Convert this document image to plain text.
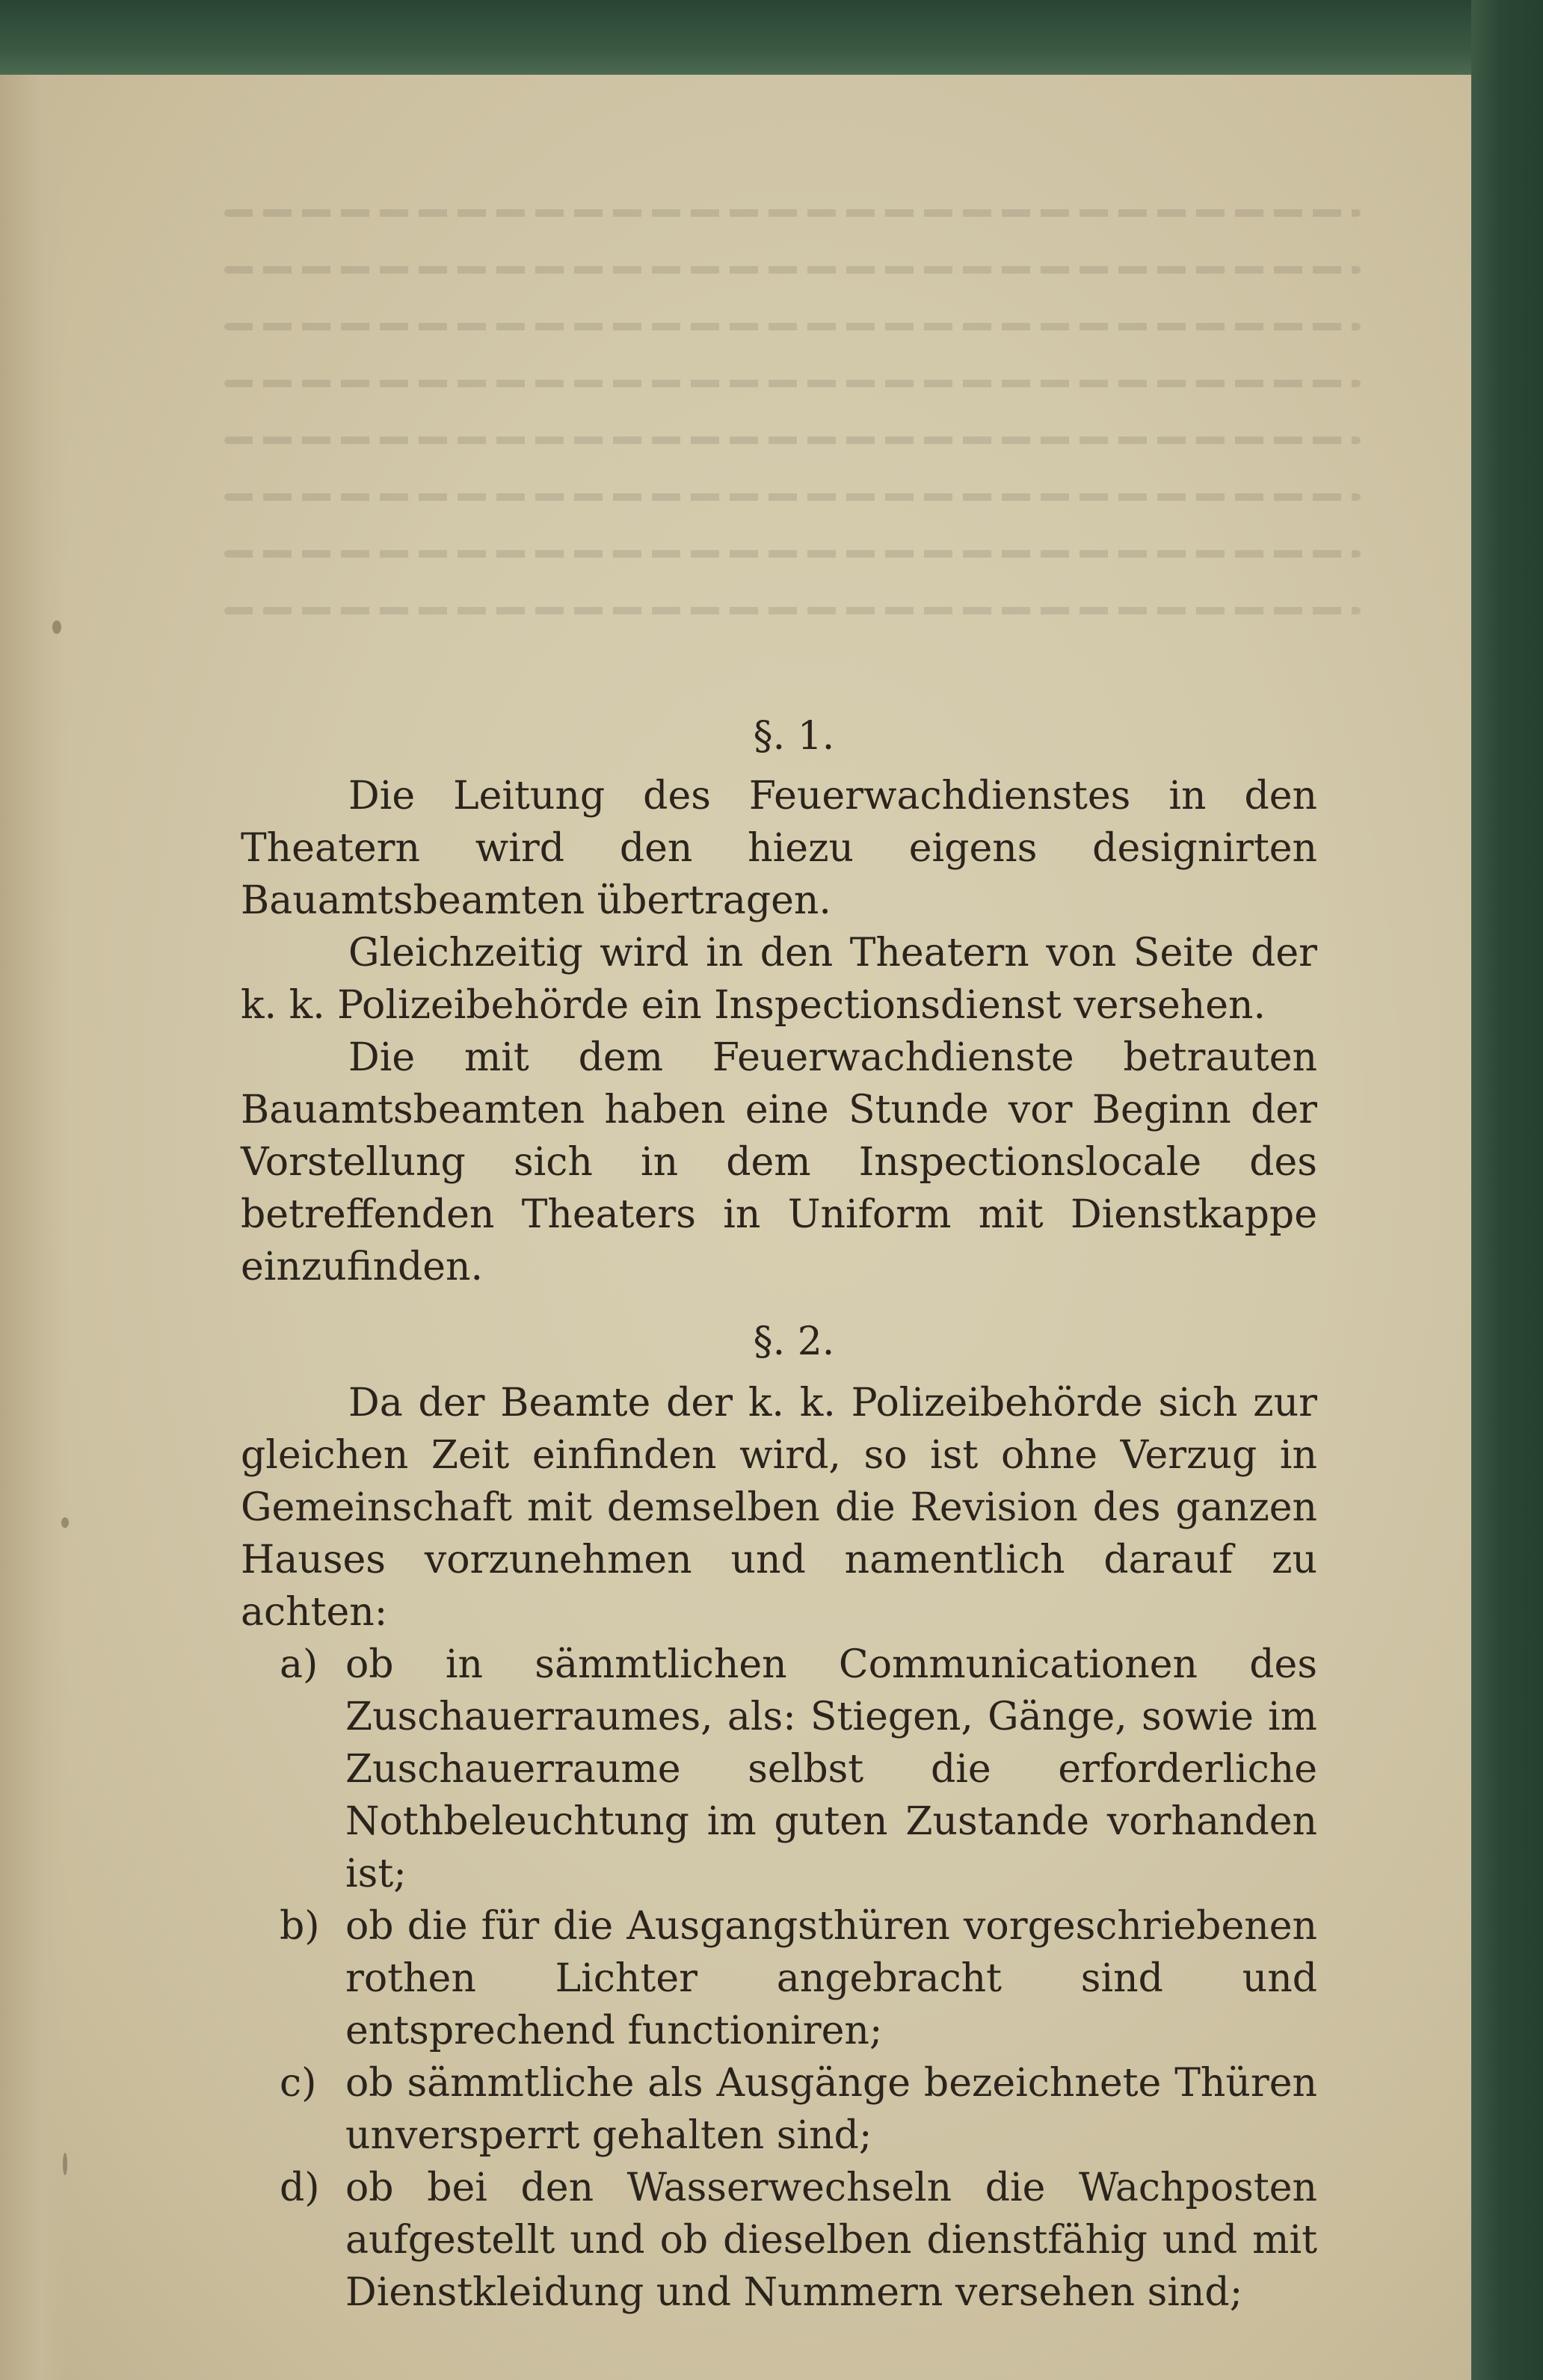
§. 1.

Die Leitung des Feuerwachdienstes in den Theatern wird den hiezu eigens designirten Bauamtsbeamten übertragen.

Gleichzeitig wird in den Theatern von Seite der k. k. Polizeibehörde ein Inspectionsdienst versehen.

Die mit dem Feuerwachdienste betrauten Bauamtsbeamten haben eine Stunde vor Beginn der Vorstellung sich in dem Inspectionslocale des betreffenden Theaters in Uniform mit Dienstkappe einzufinden.

§. 2.

Da der Beamte der k. k. Polizeibehörde sich zur gleichen Zeit einfinden wird, so ist ohne Verzug in Gemeinschaft mit demselben die Revision des ganzen Hauses vorzunehmen und namentlich darauf zu achten:

a) ob in sämmtlichen Communicationen des Zuschauerraumes, als: Stiegen, Gänge, sowie im Zuschauerraume selbst die erforderliche Nothbeleuchtung im guten Zustande vorhanden ist;
b) ob die für die Ausgangsthüren vorgeschriebenen rothen Lichter angebracht sind und entsprechend functioniren;
c) ob sämmtliche als Ausgänge bezeichnete Thüren unversperrt gehalten sind;
d) ob bei den Wasserwechseln die Wachposten aufgestellt und ob dieselben dienstfähig und mit Dienstkleidung und Nummern versehen sind;
